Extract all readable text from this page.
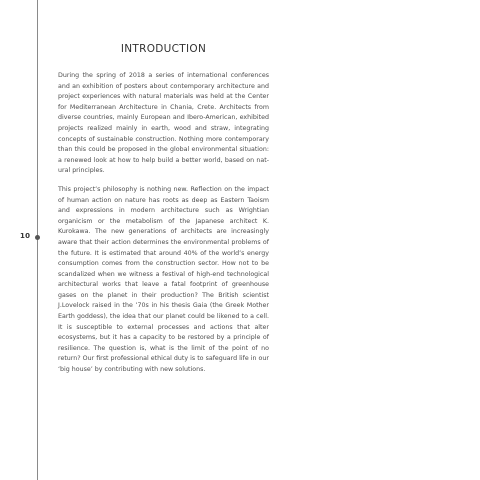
10
INTRODUCTION

During the spring of 2018 a series of international conferences and an exhibition of posters about contemporary architecture and project experiences with natural materials was held at the Center for Mediterranean Architecture in Chania, Crete. Architects from diverse countries, mainly European and Ibero-American, exhibited projects realized mainly in earth, wood and straw, integrating concepts of sustainable construction. Nothing more contemporary than this could be proposed in the global environmental situation: a renewed look at how to help build a better world, based on natural principles.

This project’s philosophy is nothing new. Reflection on the impact of human action on nature has roots as deep as Eastern Taoism and expressions in modern architecture such as Wrightian organicism or the metabolism of the Japanese architect K. Kurokawa. The new generations of architects are increasingly aware that their action determines the environmental problems of the future. It is estimated that around 40% of the world’s energy consumption comes from the construction sector. How not to be scandalized when we witness a festival of high-end technological architectural works that leave a fatal footprint of greenhouse gases on the planet in their production? The British scientist J.Lovelock raised in the ’70s in his thesis Gaia (the Greek Mother Earth goddess), the idea that our planet could be likened to a cell. It is susceptible to external processes and actions that alter ecosystems, but it has a capacity to be restored by a principle of resilience. The question is, what is the limit of the point of no return? Our first professional ethical duty is to safeguard life in our ‘big house’ by contributing with new solutions.
